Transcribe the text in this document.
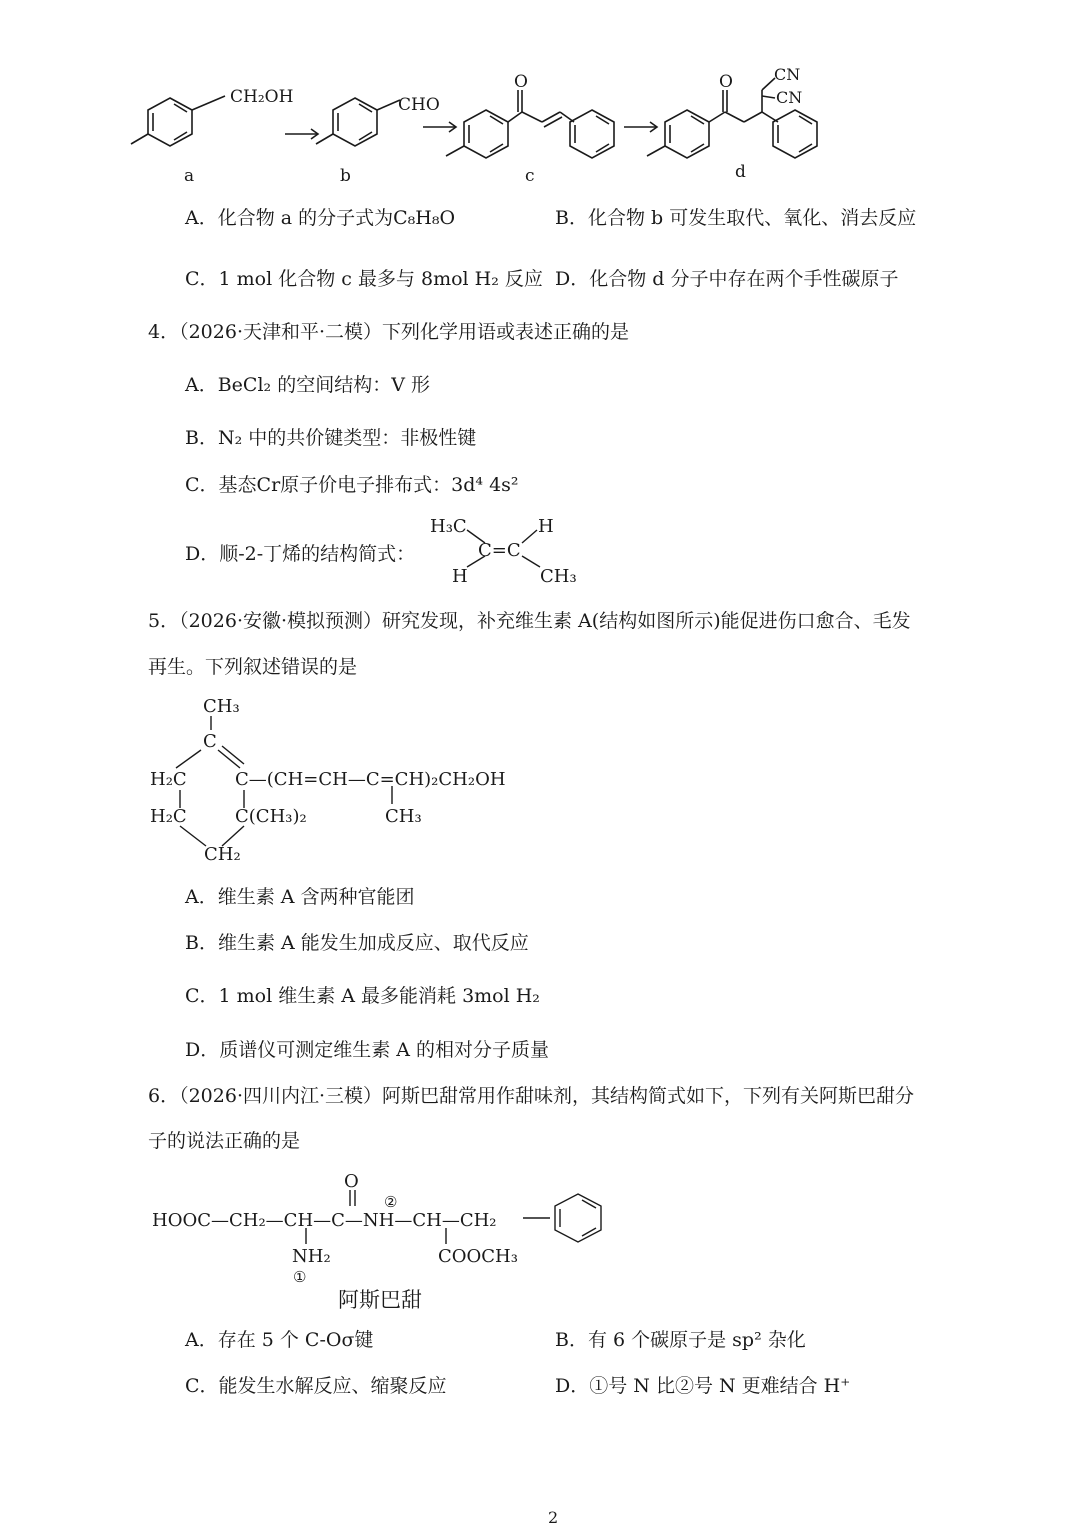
CH₂OH	CHO
O	O	CN
CN
a	b	c	d
H₃C	H
C=C
H	CH₃
CH₃
C
H₂C	C—(CH=CH—C=CH)₂CH₂OH
H₂C	C(CH₃)₂	CH₃
CH₂
O
②
HOOC—CH₂—CH—C—NH—CH—CH₂
NH₂
①
COOCH₃
阿斯巴甜
A．化合物 a 的分子式为C₈H₈O	B．化合物 b 可发生取代、氧化、消去反应
C．1 mol 化合物 c 最多与 8mol H₂ 反应 D．化合物 d 分子中存在两个手性碳原子
4．（2026·天津和平·二模）下列化学用语或表述正确的是
A．BeCl₂ 的空间结构：V 形
B．N₂ 中的共价键类型：非极性键
C．基态Cr原子价电子排布式：3d⁴ 4s²
D．顺-2-丁烯的结构简式：
5．（2026·安徽·模拟预测）研究发现，补充维生素 A(结构如图所示)能促进伤口愈合、毛发
再生。下列叙述错误的是
A．维生素 A 含两种官能团
B．维生素 A 能发生加成反应、取代反应
C．1 mol 维生素 A 最多能消耗 3mol H₂
D．质谱仪可测定维生素 A 的相对分子质量
6．（2026·四川内江·三模）阿斯巴甜常用作甜味剂，其结构简式如下，下列有关阿斯巴甜分
子的说法正确的是
A．存在 5 个 C-Oσ键	B．有 6 个碳原子是 sp² 杂化
C．能发生水解反应、缩聚反应	D．①号 N 比②号 N 更难结合 H⁺
2
